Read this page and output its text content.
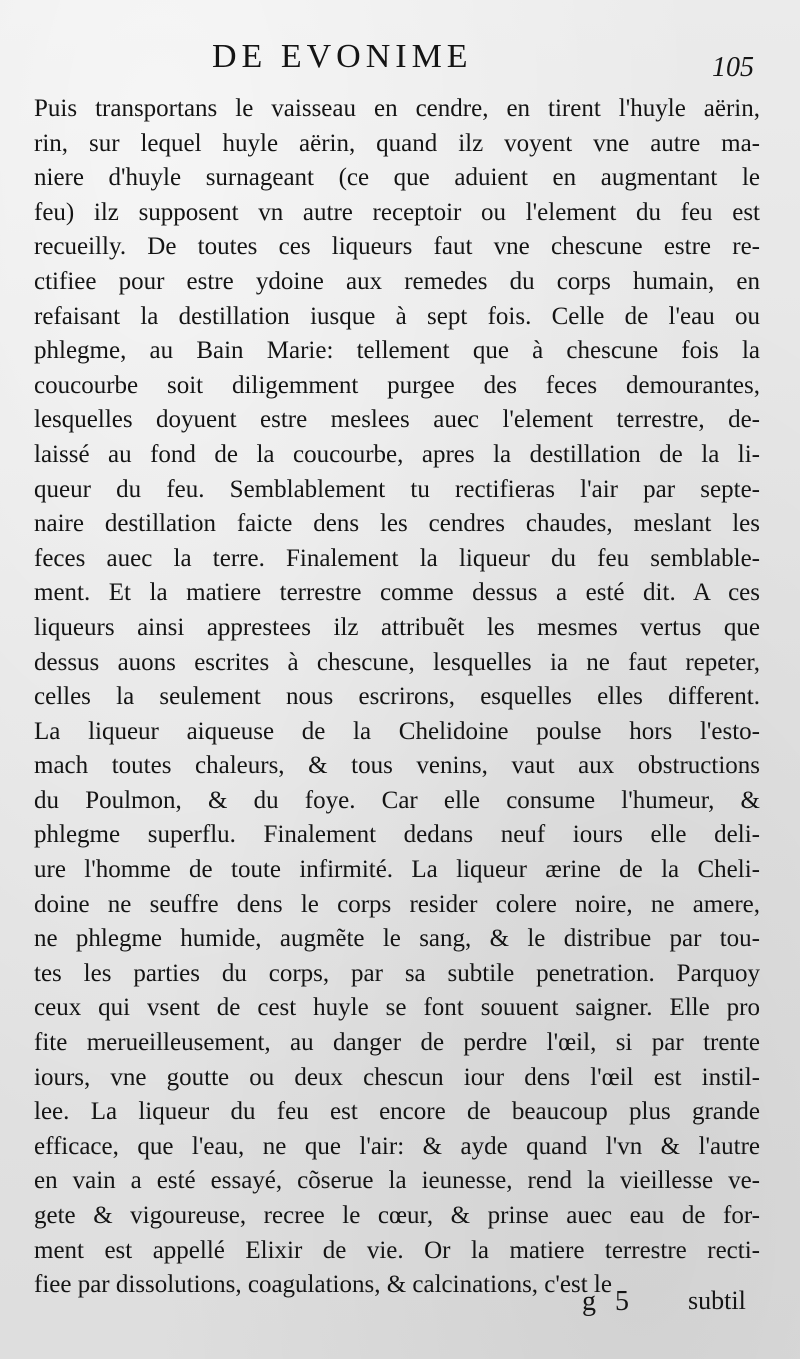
DE EVONIME	105
Puis transportans le vaisseau en cendre, en tirent l'huyle aërin,
rin, sur lequel huyle aërin, quand ilz voyent vne autre ma-
niere d'huyle surnageant (ce que aduient en augmentant le
feu) ilz supposent vn autre receptoir ou l'element du feu est
recueilly. De toutes ces liqueurs faut vne chescune estre re-
ctifiee pour estre ydoine aux remedes du corps humain, en
refaisant la destillation iusque à sept fois. Celle de l'eau ou
phlegme, au Bain Marie: tellement que à chescune fois la
coucourbe soit diligemment purgee des feces demourantes,
lesquelles doyuent estre meslees auec l'element terrestre, de-
laissé au fond de la coucourbe, apres la destillation de la li-
queur du feu. Semblablement tu rectifieras l'air par septe-
naire destillation faicte dens les cendres chaudes, meslant les
feces auec la terre. Finalement la liqueur du feu semblable-
ment. Et la matiere terrestre comme dessus a esté dit. A ces
liqueurs ainsi apprestees ilz attribuẽt les mesmes vertus que
dessus auons escrites à chescune, lesquelles ia ne faut repeter,
celles la seulement nous escrirons, esquelles elles different.
La liqueur aiqueuse de la Chelidoine poulse hors l'esto-
mach toutes chaleurs, & tous venins, vaut aux obstructions
du Poulmon, & du foye. Car elle consume l'humeur, &
phlegme superflu. Finalement dedans neuf iours elle deli-
ure l'homme de toute infirmité. La liqueur ærine de la Cheli-
doine ne seuffre dens le corps resider colere noire, ne amere,
ne phlegme humide, augmẽte le sang, & le distribue par tou-
tes les parties du corps, par sa subtile penetration. Parquoy
ceux qui vsent de cest huyle se font souuent saigner. Elle pro
fite merueilleusement, au danger de perdre l'œil, si par trente
iours, vne goutte ou deux chescun iour dens l'œil est instil-
lee. La liqueur du feu est encore de beaucoup plus grande
efficace, que l'eau, ne que l'air: & ayde quand l'vn & l'autre
en vain a esté essayé, cõserue la ieunesse, rend la vieillesse ve-
gete & vigoureuse, recree le cœur, & prinse auec eau de for-
ment est appellé Elixir de vie. Or la matiere terrestre recti-
fiee par dissolutions, coagulations, & calcinations, c'est le
g 5 subtil
